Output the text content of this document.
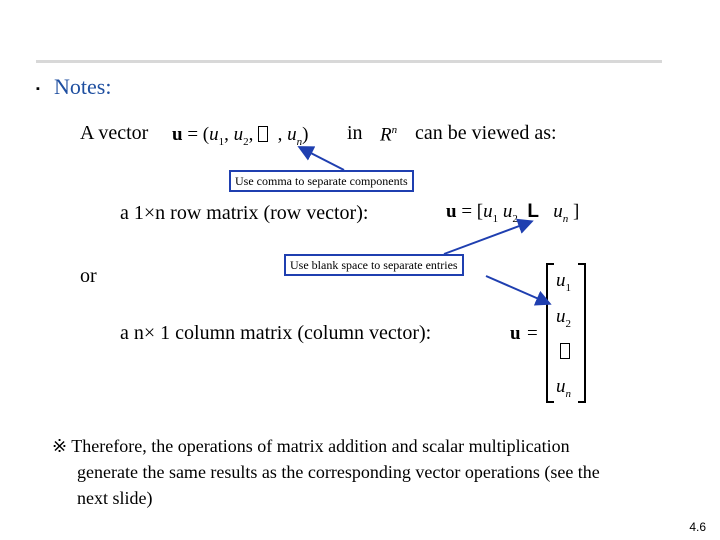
▪ Notes:
A vector $u = (u_1$, $u_2$,   , $u_n$) in $R^n$ can be viewed as:
Use comma to separate components
a 1×n row matrix (row vector):	$u = [u_1$ $u_2$ L $u_n$ ]
or	Use blank space to separate entries
a n× 1 column matrix (column vector):	u =
$u_1$
$u_2$
$u_n$
※ Therefore, the operations of matrix addition and scalar multiplication
generate the same results as the corresponding vector operations (see the
next slide)
4.6
